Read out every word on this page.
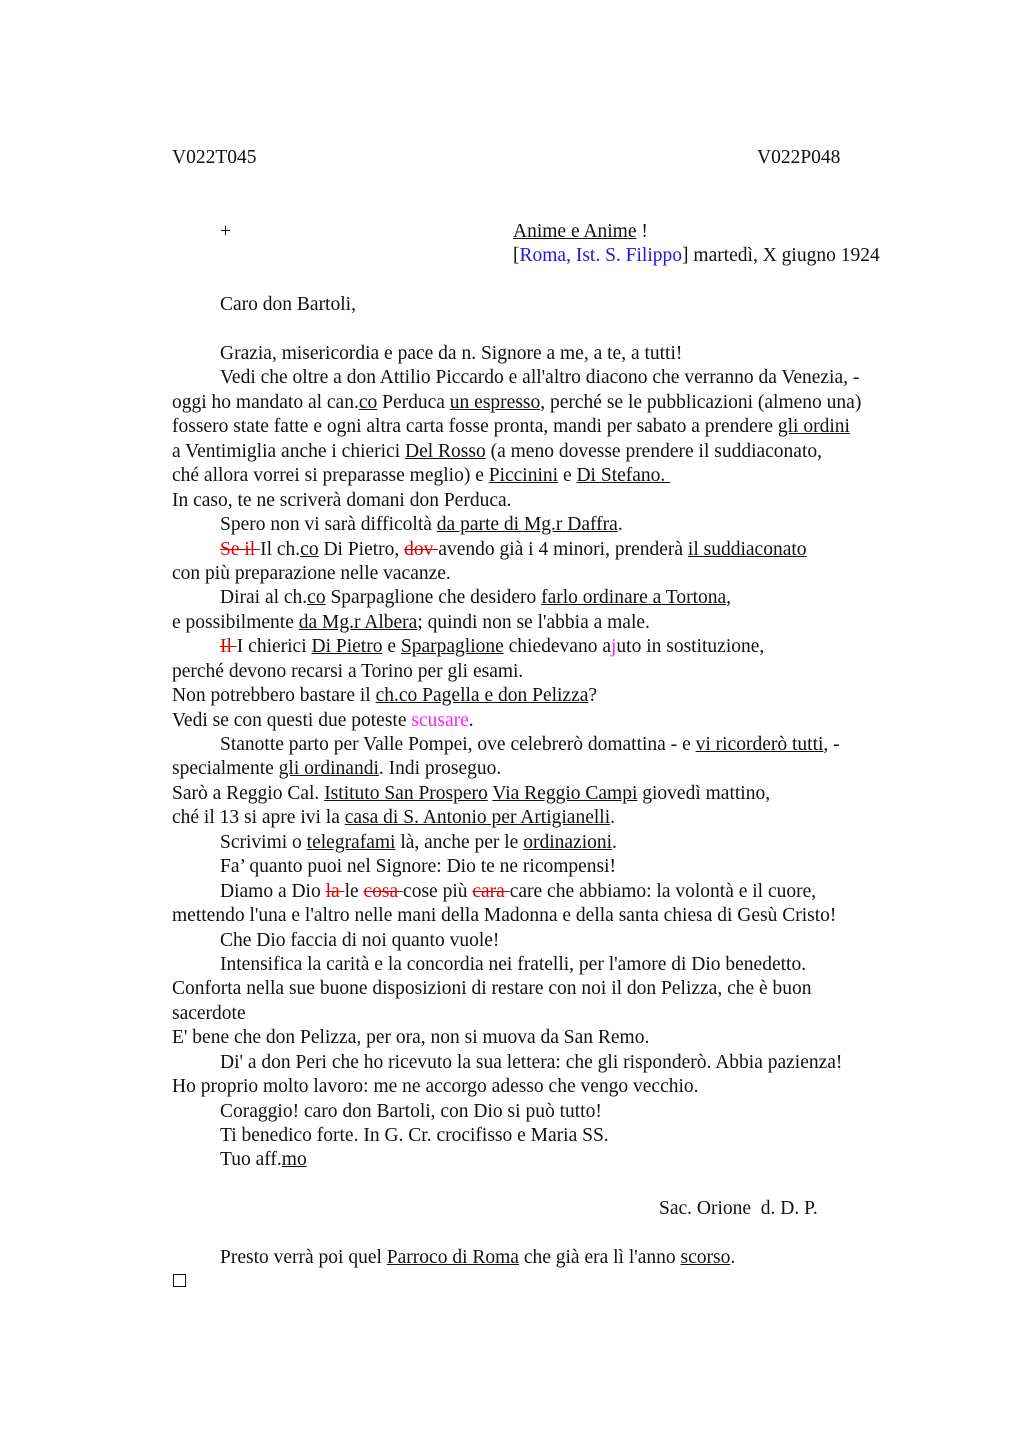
V022T045	V022P048
+	Anime e Anime !
[Roma, Ist. S. Filippo] martedì, X giugno 1924
Caro don Bartoli,
Grazia, misericordia e pace da n. Signore a me, a te, a tutti!
Vedi che oltre a don Attilio Piccardo e all'altro diacono che verranno da Venezia, -
oggi ho mandato al can.co Perduca un espresso, perché se le pubblicazioni (almeno una)
fossero state fatte e ogni altra carta fosse pronta, mandi per sabato a prendere gli ordini
a Ventimiglia anche i chierici Del Rosso (a meno dovesse prendere il suddiaconato,
ché allora vorrei si preparasse meglio) e Piccinini e Di Stefano.
In caso, te ne scriverà domani don Perduca.
Spero non vi sarà difficoltà da parte di Mg.r Daffra.
Se il Il ch.co Di Pietro, dov avendo già i 4 minori, prenderà il suddiaconato
con più preparazione nelle vacanze.
Dirai al ch.co Sparpaglione che desidero farlo ordinare a Tortona,
e possibilmente da Mg.r Albera; quindi non se l'abbia a male.
Il I chierici Di Pietro e Sparpaglione chiedevano ajuto in sostituzione,
perché devono recarsi a Torino per gli esami.
Non potrebbero bastare il ch.co Pagella e don Pelizza?
Vedi se con questi due poteste scusare.
Stanotte parto per Valle Pompei, ove celebrerò domattina - e vi ricorderò tutti, -
specialmente gli ordinandi. Indi proseguo.
Sarò a Reggio Cal. Istituto San Prospero Via Reggio Campi giovedì mattino,
ché il 13 si apre ivi la casa di S. Antonio per Artigianelli.
Scrivimi o telegrafami là, anche per le ordinazioni.
Fa’ quanto puoi nel Signore: Dio te ne ricompensi!
Diamo a Dio la le cosa cose più cara care che abbiamo: la volontà e il cuore,
mettendo l'una e l'altro nelle mani della Madonna e della santa chiesa di Gesù Cristo!
Che Dio faccia di noi quanto vuole!
Intensifica la carità e la concordia nei fratelli, per l'amore di Dio benedetto.
Conforta nella sue buone disposizioni di restare con noi il don Pelizza, che è buon
sacerdote
E' bene che don Pelizza, per ora, non si muova da San Remo.
Di' a don Peri che ho ricevuto la sua lettera: che gli risponderò. Abbia pazienza!
Ho proprio molto lavoro: me ne accorgo adesso che vengo vecchio.
Coraggio! caro don Bartoli, con Dio si può tutto!
Ti benedico forte. In G. Cr. crocifisso e Maria SS.
Tuo aff.mo
Sac. Orione  d. D. P.
Presto verrà poi quel Parroco di Roma che già era lì l'anno scorso.
